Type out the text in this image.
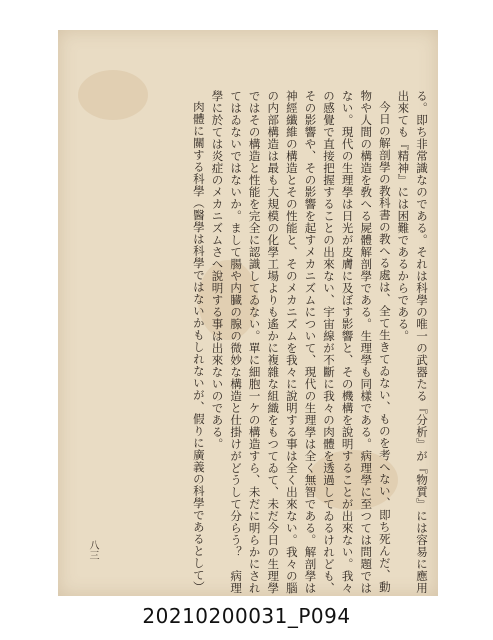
る。即ち非常識なのである。それは科學の唯一の武器たる『分析』が『物質』には容易に應用
出來ても『精神』には困難であるからである。
今日の解剖學の教科書の教へる處は、全て生きてゐない、ものを考へない、即ち死んだ、動
物や人間の構造を敎へる屍體解剖學である。生理學も同樣である。病理學に至つては問題では
ない。現代の生理學は日光が皮膚に及ぼす影響と、その機構を說明することが出來ない。我々
の感覺で直接把握することの出來ない、宇宙線が不斷に我々の肉體を透過してゐるけれども、
その影響や、その影響を起すメカニズムについて、現代の生理學は全く無智である。解剖學は
神經纖維の構造とその性能と、そのメカニズムを我々に說明する事は全く出來ない。我々の腦
の内部構造は最も大規模の化學工場よりも遙かに複雜な組織をもつてゐて、未だ今日の生理學
ではその構造と性能を完全に認識してゐない。單に細胞一ケの構造すら、未だに明らかにされ
てはゐないではないか。まして腸や内臓の腺の微妙な構造と仕掛けがどうして分らう？　病理
學に於ては炎症のメカニズムさへ說明する事は出來ないのである。
肉體に關する科學（醫學は科學ではないかもしれないが、假りに廣義の科學であるとして）
八三
20210200031_P094
